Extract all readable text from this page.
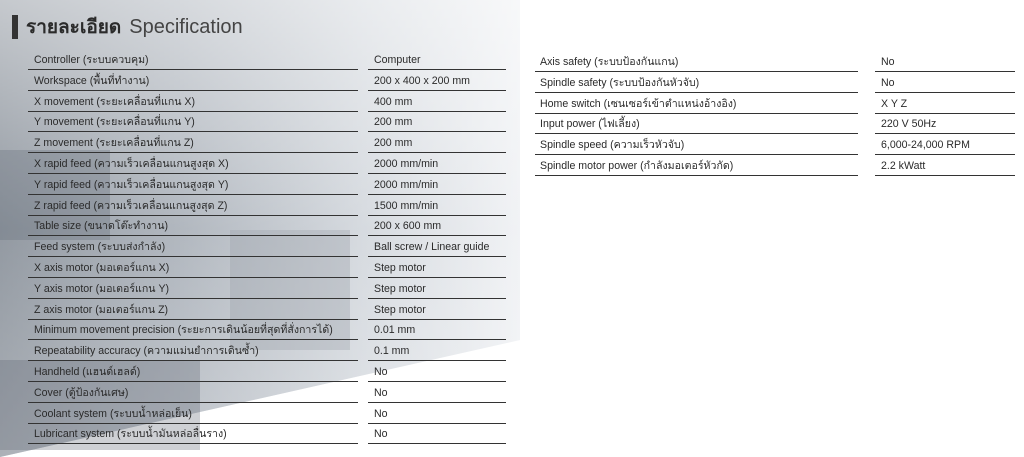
รายละเอียด Specification
Controller (ระบบควบคุม)	Computer
Workspace (พื้นที่ทำงาน)	200 x 400 x 200 mm
X movement (ระยะเคลื่อนที่แกน X)	400 mm
Y movement (ระยะเคลื่อนที่แกน Y)	200 mm
Z movement (ระยะเคลื่อนที่แกน Z)	200 mm
X rapid feed (ความเร็วเคลื่อนแกนสูงสุด X)	2000 mm/min
Y rapid feed (ความเร็วเคลื่อนแกนสูงสุด Y)	2000 mm/min
Z rapid feed (ความเร็วเคลื่อนแกนสูงสุด Z)	1500 mm/min
Table size (ขนาดโต๊ะทำงาน)	200 x 600 mm
Feed system (ระบบส่งกำลัง)	Ball screw / Linear guide
X axis motor (มอเตอร์แกน X)	Step motor
Y axis motor (มอเตอร์แกน Y)	Step motor
Z axis motor (มอเตอร์แกน Z)	Step motor
Minimum movement precision (ระยะการเดินน้อยที่สุดที่สั่งการได้)	0.01 mm
Repeatability accuracy (ความแม่นยำการเดินซ้ำ)	0.1 mm
Handheld (แฮนด์เฮลด์)	No
Cover (ตู้ป้องกันเศษ)	No
Coolant system (ระบบน้ำหล่อเย็น)	No
Lubricant system (ระบบน้ำมันหล่อลื่นราง)	No
Axis safety (ระบบป้องกันแกน)	No
Spindle safety (ระบบป้องกันหัวจับ)	No
Home switch (เซนเซอร์เข้าตำแหน่งอ้างอิง)	X Y Z
Input power (ไฟเลี้ยง)	220 V 50Hz
Spindle speed (ความเร็วหัวจับ)	6,000-24,000 RPM
Spindle motor power (กำลังมอเตอร์หัวกัด)	2.2 kWatt
